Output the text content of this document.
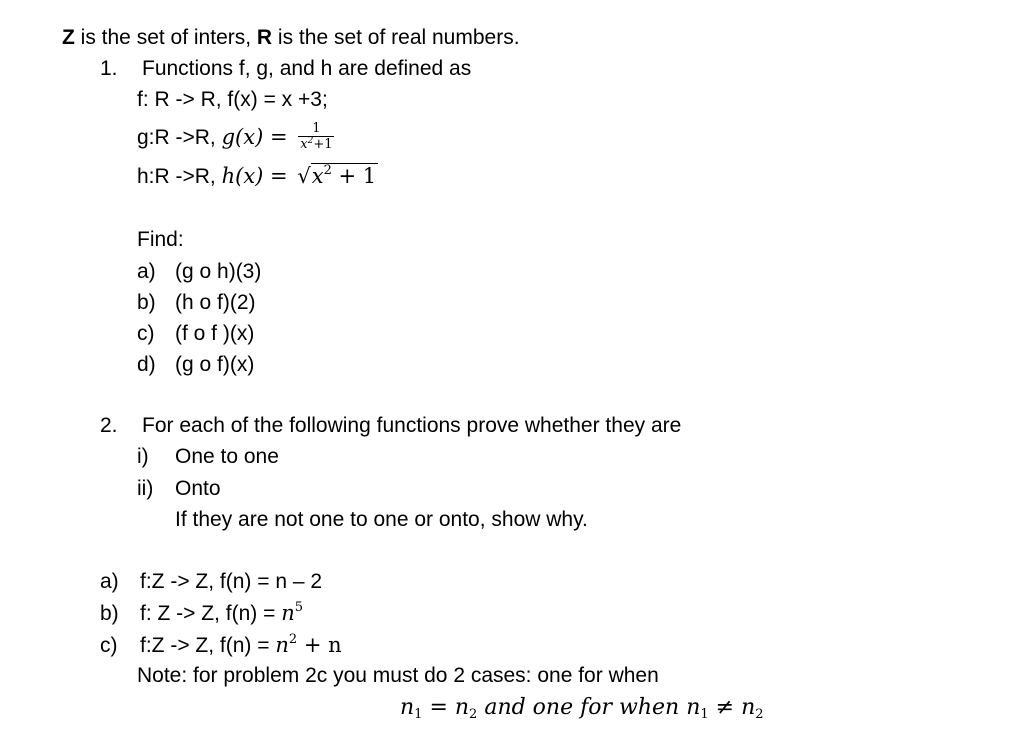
Z is the set of inters, R is the set of real numbers.
1. Functions f, g, and h are defined as
f: R -> R, f(x) = x +3;
g:R ->R, $g(x) = \frac{1}{x^2+1}$
h:R ->R, $h(x) = √x^2 + 1$
Find:
a) (g o h)(3)
b) (h o f)(2)
c) (f o f )(x)
d) (g o f)(x)
2. For each of the following functions prove whether they are
i) One to one
ii) Onto
If they are not one to one or onto, show why.
a) f:Z -> Z, f(n) = n – 2
b) f: Z -> Z, $f(n) = n^5$
c) f:Z -> Z, $f(n) = n^2 + n$
Note: for problem 2c you must do 2 cases: one for when
$n_1 = n_2$ and one for when $n_1 \ne n_2$
